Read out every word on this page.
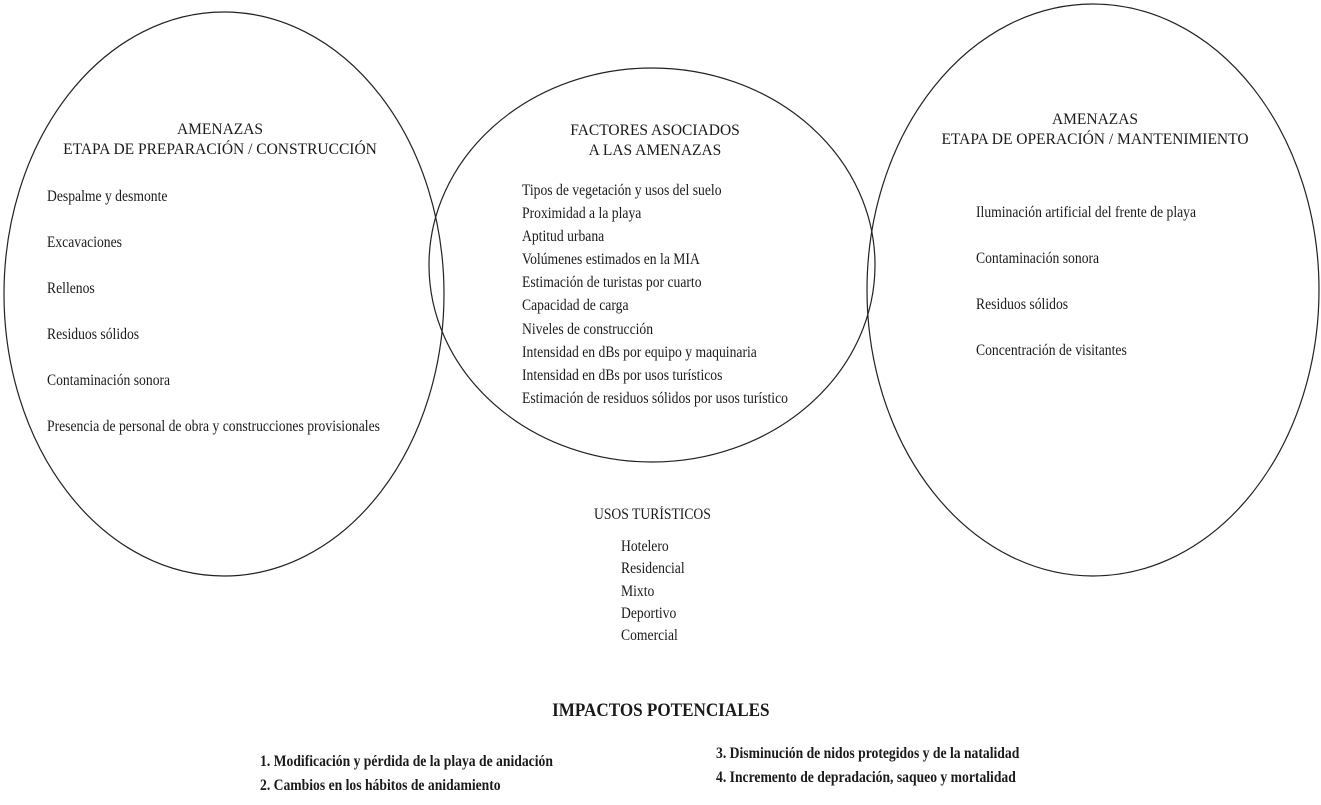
AMENAZAS
ETAPA DE PREPARACIÓN / CONSTRUCCIÓN
Despalme y desmonte
Excavaciones
Rellenos
Residuos sólidos
Contaminación sonora
Presencia de personal de obra y construcciones provisionales
FACTORES ASOCIADOS
A LAS AMENAZAS
Tipos de vegetación y usos del suelo
Proximidad a la playa
Aptitud urbana
Volúmenes estimados en la MIA
Estimación de turistas por cuarto
Capacidad de carga
Niveles de construcción
Intensidad en dBs por equipo y maquinaria
Intensidad en dBs por usos turísticos
Estimación de residuos sólidos por usos turístico
AMENAZAS
ETAPA DE OPERACIÓN / MANTENIMIENTO
Iluminación artificial del frente de playa
Contaminación sonora
Residuos sólidos
Concentración de visitantes
USOS TURÍSTICOS
Hotelero
Residencial
Mixto
Deportivo
Comercial
IMPACTOS POTENCIALES
1. Modificación y pérdida de la playa de anidación
2. Cambios en los hábitos de anidamiento
3. Disminución de nidos protegidos y de la natalidad
4. Incremento de depradación, saqueo y mortalidad
